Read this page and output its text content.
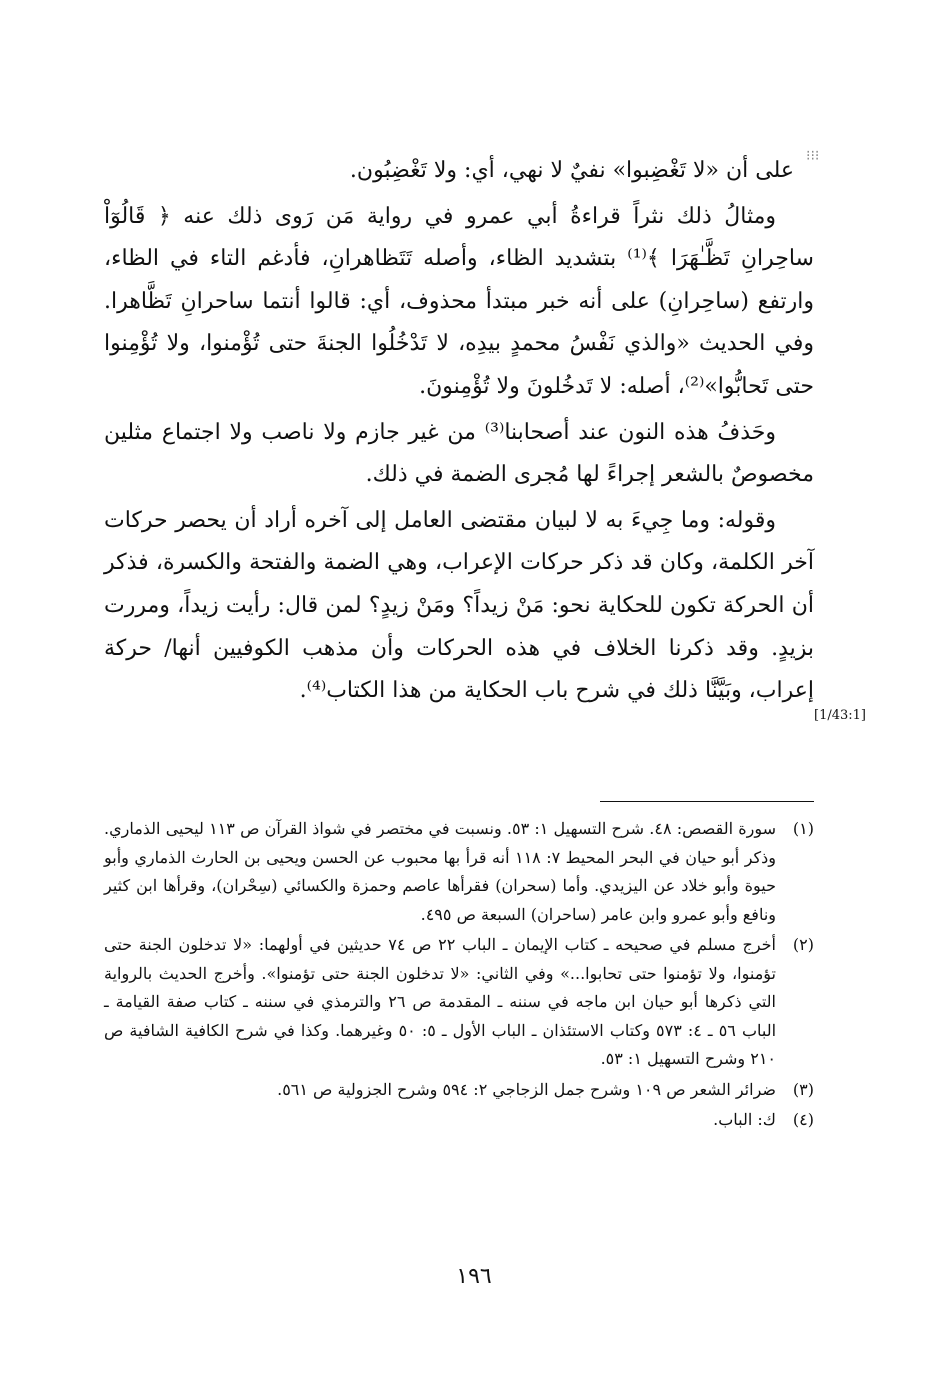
⁝⁝⁝

على أن «لا تَغْضِبوا» نفيٌ لا نهي، أي: ولا تَغْضِبُون.

ومثالُ ذلك نثراً قراءةُ أبي عمرو في رواية مَن رَوى ذلك عنه ﴿ قَالُوٓاْ ساحِرانِ تَظَّـٰهَرَا ﴾⁽¹⁾ بتشديد الظاء، وأصله تَتَظاهرانِ، فأدغم التاء في الظاء، وارتفع (ساحِرانِ) على أنه خبر مبتدأ محذوف، أي: قالوا أنتما ساحرانِ تَظَّاهرا. وفي الحديث «والذي نَفْسُ محمدٍ بيدِه، لا تَدْخُلُوا الجنةَ حتى تُؤْمنوا، ولا تُؤْمِنوا حتى تَحابُّوا»⁽²⁾، أصله: لا تَدخُلونَ ولا تُؤْمِنونَ.

وحَذفُ هذه النون عند أصحابنا⁽³⁾ من غير جازم ولا ناصب ولا اجتماع مثلين مخصوصٌ بالشعر إجراءً لها مُجرى الضمة في ذلك.

وقوله: وما جِيءَ به لا لبيان مقتضى العامل إلى آخره أراد أن يحصر حركات آخر الكلمة، وكان قد ذكر حركات الإعراب، وهي الضمة والفتحة والكسرة، فذكر أن الحركة تكون للحكاية نحو: مَنْ زيداً؟ ومَنْ زيدٍ؟ لمن قال: رأيت زيداً، ومررت بزيدٍ. وقد ذكرنا الخلاف في هذه الحركات وأن مذهب الكوفيين أنها/ حركة إعراب، وبَيَّنَّا ذلك في شرح باب الحكاية من هذا الكتاب⁽⁴⁾.

[1/43:1]
(١)
سورة القصص: ٤٨. شرح التسهيل ١: ٥٣. ونسبت في مختصر في شواذ القرآن ص ١١٣ ليحيى الذماري. وذكر أبو حيان في البحر المحيط ٧: ١١٨ أنه قرأ بها محبوب عن الحسن ويحيى بن الحارث الذماري وأبو حيوة وأبو خلاد عن اليزيدي. وأما (سحران) فقرأها عاصم وحمزة والكسائي (سِحْران)، وقرأها ابن كثير ونافع وأبو عمرو وابن عامر (ساحران) السبعة ص ٤٩٥.
(٢)
أخرج مسلم في صحيحه ـ كتاب الإيمان ـ الباب ٢٢ ص ٧٤ حديثين في أولهما: «لا تدخلون الجنة حتى تؤمنوا، ولا تؤمنوا حتى تحابوا...» وفي الثاني: «لا تدخلون الجنة حتى تؤمنوا». وأخرج الحديث بالرواية التي ذكرها أبو حيان ابن ماجه في سننه ـ المقدمة ص ٢٦ والترمذي في سننه ـ كتاب صفة القيامة ـ الباب ٥٦ ـ ٤: ٥٧٣ وكتاب الاستئذان ـ الباب الأول ـ ٥: ٥٠ وغيرهما. وكذا في شرح الكافية الشافية ص ٢١٠ وشرح التسهيل ١: ٥٣.
(٣)
ضرائر الشعر ص ١٠٩ وشرح جمل الزجاجي ٢: ٥٩٤ وشرح الجزولية ص ٥٦١.
(٤)
ك: الباب.
١٩٦
